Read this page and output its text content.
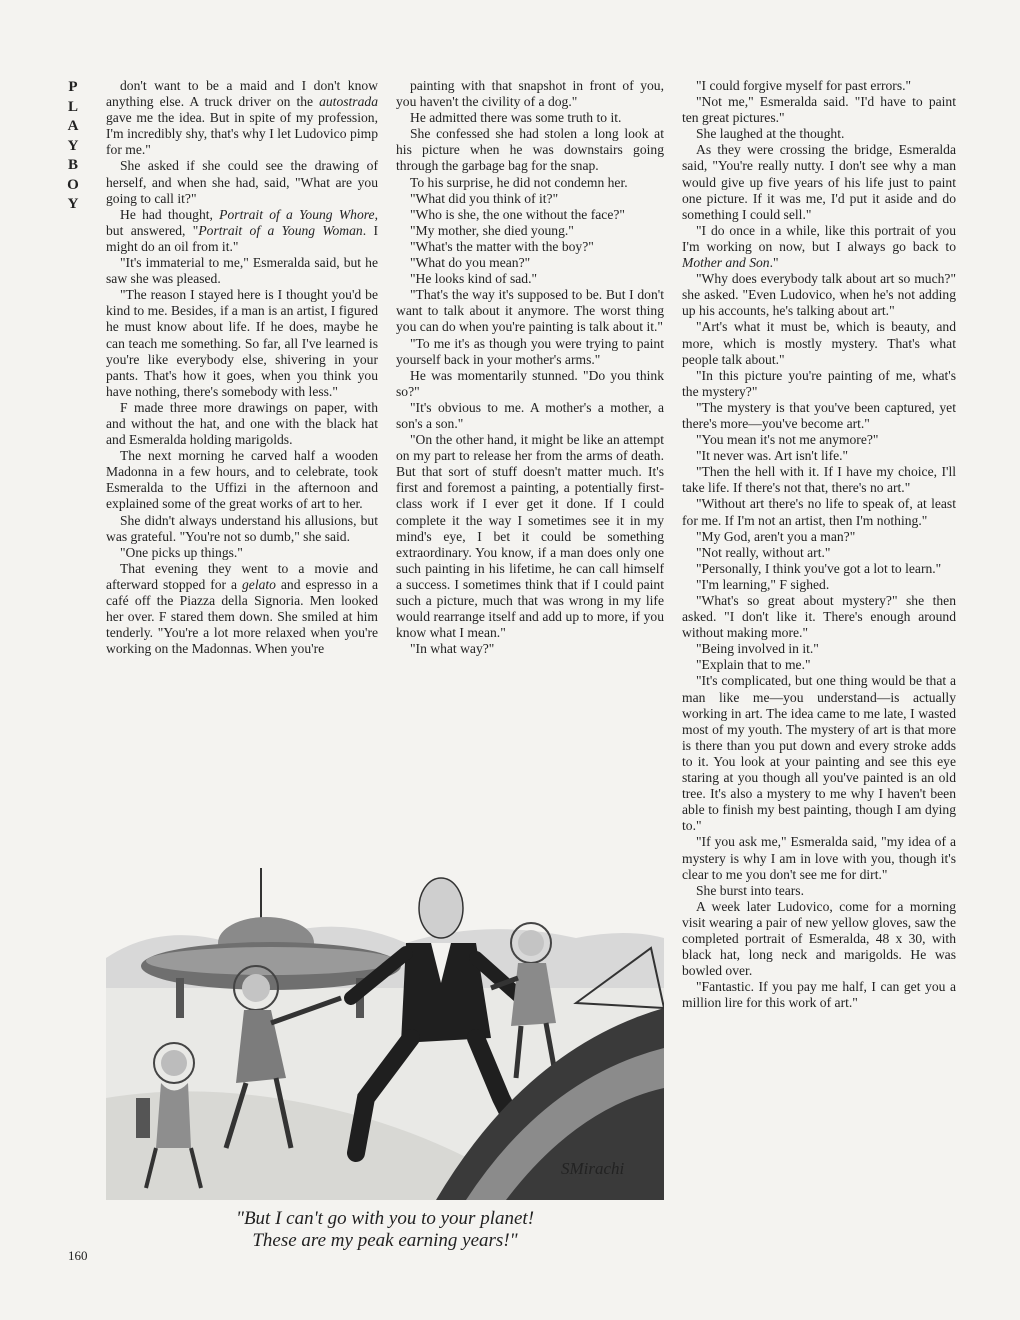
P
L
A
Y
B
O
Y

don't want to be a maid and I don't know anything else. A truck driver on the autostrada gave me the idea. But in spite of my profession, I'm incredibly shy, that's why I let Ludovico pimp for me."

She asked if she could see the drawing of herself, and when she had, said, "What are you going to call it?"

He had thought, Portrait of a Young Whore, but answered, "Portrait of a Young Woman. I might do an oil from it."

"It's immaterial to me," Esmeralda said, but he saw she was pleased.

"The reason I stayed here is I thought you'd be kind to me. Besides, if a man is an artist, I figured he must know about life. If he does, maybe he can teach me something. So far, all I've learned is you're like everybody else, shivering in your pants. That's how it goes, when you think you have nothing, there's somebody with less."

F made three more drawings on paper, with and without the hat, and one with the black hat and Esmeralda holding marigolds.

The next morning he carved half a wooden Madonna in a few hours, and to celebrate, took Esmeralda to the Uffizi in the afternoon and explained some of the great works of art to her.

She didn't always understand his allusions, but was grateful. "You're not so dumb," she said.

"One picks up things."

That evening they went to a movie and afterward stopped for a gelato and espresso in a café off the Piazza della Signoria. Men looked her over. F stared them down. She smiled at him tenderly. "You're a lot more relaxed when you're working on the Madonnas. When you're

painting with that snapshot in front of you, you haven't the civility of a dog."

He admitted there was some truth to it.

She confessed she had stolen a long look at his picture when he was downstairs going through the garbage bag for the snap.

To his surprise, he did not condemn her.

"What did you think of it?"

"Who is she, the one without the face?"

"My mother, she died young."

"What's the matter with the boy?"

"What do you mean?"

"He looks kind of sad."

"That's the way it's supposed to be. But I don't want to talk about it anymore. The worst thing you can do when you're painting is talk about it."

"To me it's as though you were trying to paint yourself back in your mother's arms."

He was momentarily stunned. "Do you think so?"

"It's obvious to me. A mother's a mother, a son's a son."

"On the other hand, it might be like an attempt on my part to release her from the arms of death. But that sort of stuff doesn't matter much. It's first and foremost a painting, a potentially first-class work if I ever get it done. If I could complete it the way I sometimes see it in my mind's eye, I bet it could be something extraordinary. You know, if a man does only one such painting in his lifetime, he can call himself a success. I sometimes think that if I could paint such a picture, much that was wrong in my life would rearrange itself and add up to more, if you know what I mean."

"In what way?"

"I could forgive myself for past errors."

"Not me," Esmeralda said. "I'd have to paint ten great pictures."

She laughed at the thought.

As they were crossing the bridge, Esmeralda said, "You're really nutty. I don't see why a man would give up five years of his life just to paint one picture. If it was me, I'd put it aside and do something I could sell."

"I do once in a while, like this portrait of you I'm working on now, but I always go back to Mother and Son."

"Why does everybody talk about art so much?" she asked. "Even Ludovico, when he's not adding up his accounts, he's talking about art."

"Art's what it must be, which is beauty, and more, which is mostly mystery. That's what people talk about."

"In this picture you're painting of me, what's the mystery?"

"The mystery is that you've been captured, yet there's more—you've become art."

"You mean it's not me anymore?"

"It never was. Art isn't life."

"Then the hell with it. If I have my choice, I'll take life. If there's not that, there's no art."

"Without art there's no life to speak of, at least for me. If I'm not an artist, then I'm nothing."

"My God, aren't you a man?"

"Not really, without art."

"Personally, I think you've got a lot to learn."

"I'm learning," F sighed.

"What's so great about mystery?" she then asked. "I don't like it. There's enough around without making more."

"Being involved in it."

"Explain that to me."

"It's complicated, but one thing would be that a man like me—you understand—is actually working in art. The idea came to me late, I wasted most of my youth. The mystery of art is that more is there than you put down and every stroke adds to it. You look at your painting and see this eye staring at you though all you've painted is an old tree. It's also a mystery to me why I haven't been able to finish my best painting, though I am dying to."

"If you ask me," Esmeralda said, "my idea of a mystery is why I am in love with you, though it's clear to me you don't see me for dirt."

She burst into tears.

A week later Ludovico, come for a morning visit wearing a pair of new yellow gloves, saw the completed portrait of Esmeralda, 48 x 30, with black hat, long neck and marigolds. He was bowled over.

"Fantastic. If you pay me half, I can get you a million lire for this work of art."

SMirachi
"But I can't go with you to your planet!
These are my peak earning years!"
160
